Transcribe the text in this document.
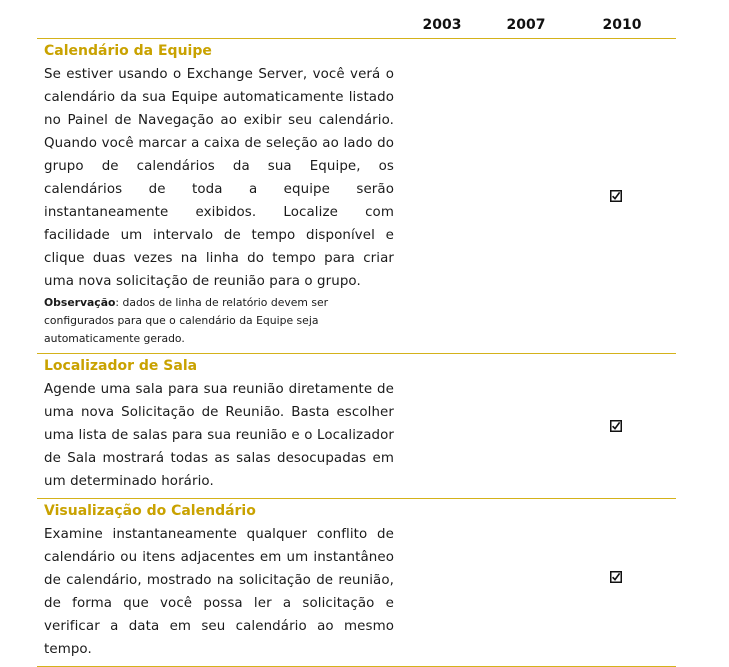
2003	2007	2010
Calendário da Equipe
Se estiver usando o Exchange Server, você verá o calendário da sua Equipe automaticamente listado no Painel de Navegação ao exibir seu calendário. Quando você marcar a caixa de seleção ao lado do grupo de calendários da sua Equipe, os calendários de toda a equipe serão instantaneamente exibidos. Localize com facilidade um intervalo de tempo disponível e clique duas vezes na linha do tempo para criar uma nova solicitação de reunião para o grupo.
Observação: dados de linha de relatório devem ser configurados para que o calendário da Equipe seja automaticamente gerado.
Localizador de Sala
Agende uma sala para sua reunião diretamente de uma nova Solicitação de Reunião. Basta escolher uma lista de salas para sua reunião e o Localizador de Sala mostrará todas as salas desocupadas em um determinado horário.
Visualização do Calendário
Examine instantaneamente qualquer conflito de calendário ou itens adjacentes em um instantâneo de calendário, mostrado na solicitação de reunião, de forma que você possa ler a solicitação e verificar a data em seu calendário ao mesmo tempo.
